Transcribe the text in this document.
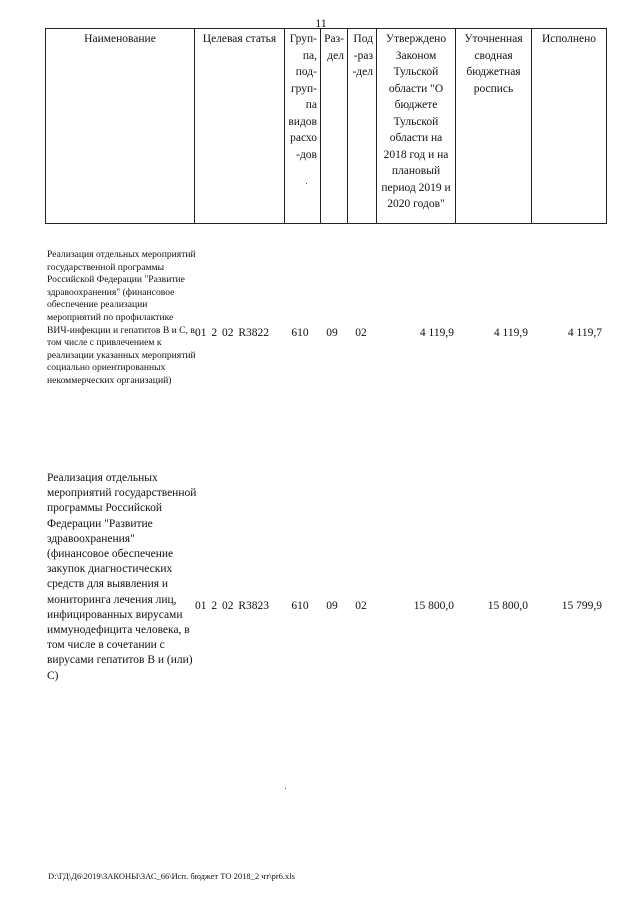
11
Наименование	Целевая статья	Груп-па, под-груп-па видов расхо-дов	Раз-дел	Под-раз-дел	Утверждено Законом Тульской области "О бюджете Тульской области на 2018 год и на плановый период 2019 и 2020 годов"	Уточненная сводная бюджетная роспись	Исполнено
Реализация отдельных мероприятий государственной программы Российской Федерации "Развитие здравоохранения" (финансовое обеспечение реализации мероприятий по профилактике ВИЧ-инфекции и гепатитов B и C, в том числе с привлечением к реализации указанных мероприятий социально ориентированных некоммерческих организаций)
01 2 02 R3822	610	09	02	4 119,9	4 119,9	4 119,7
Реализация отдельных мероприятий государственной программы Российской Федерации "Развитие здравоохранения" (финансовое обеспечение закупок диагностических средств для выявления и мониторинга лечения лиц, инфицированных вирусами иммунодефицита человека, в том числе в сочетании с вирусами гепатитов B и (или) C)
01 2 02 R3823	610	09	02	15 800,0	15 800,0	15 799,9
D:\ГД\Д6\2019\ЗАКОНЫ\ЗАС_66\Исп. бюджет ТО 2018_2 чт\pr6.xls
